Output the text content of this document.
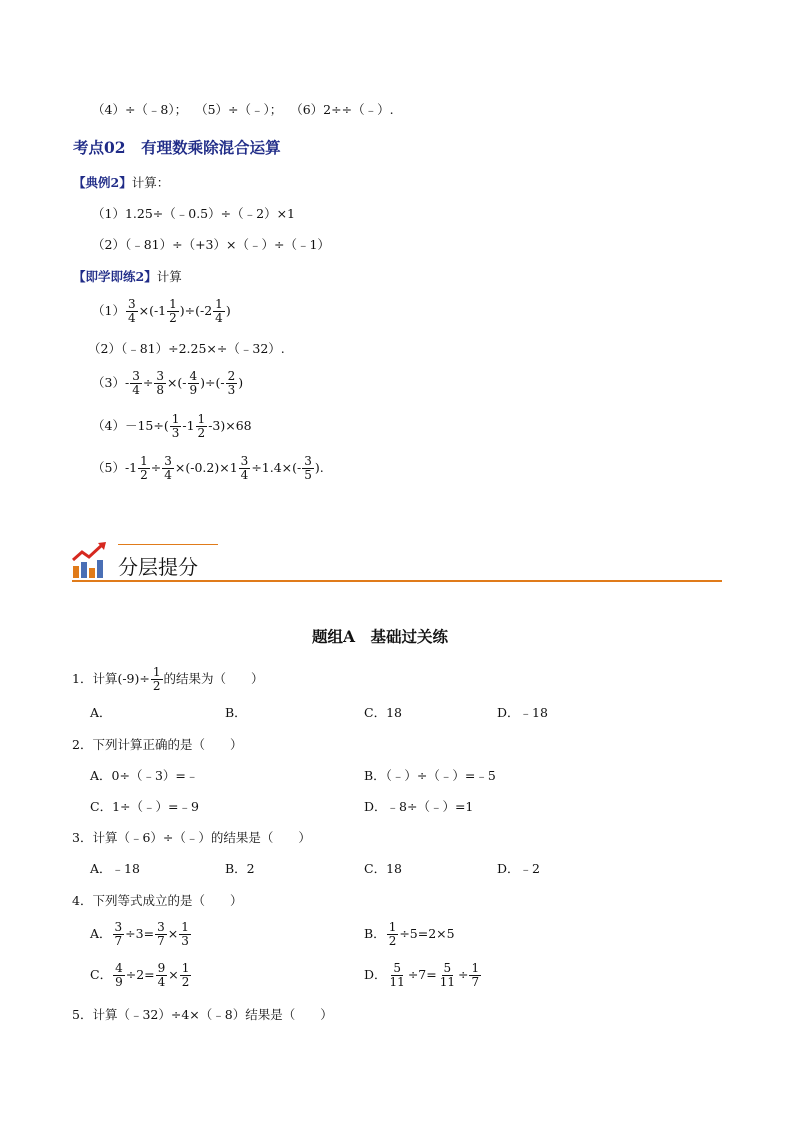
（4）÷（﹣8）； （5）÷（﹣）； （6）2÷÷（﹣）.
考点02　有理数乘除混合运算
【典例2】计算：
（1）1.25÷（﹣0.5）÷（﹣2）×1
（2）（﹣81）÷（+3）×（﹣）÷（﹣1）
【即学即练2】计算
$(1) \frac{3}{4} \times(-1 \frac{1}{2} )\div(-2 \frac{1}{4}$ )
（2）（﹣81）÷2.25×÷（﹣32）.
$(3)- \frac{3}{4} \div \frac{3}{8}$ ×(- $\frac{4}{9}$ )÷(- $\frac{2}{3}$ )
$(4)-15\div( \frac{1}{3} -1 \frac{1}{2} -3)\times 68$
$(5)-1 \frac{1}{2} \div \frac{3}{4} \times(-0.2)\times 1 \frac{3}{4} \div 1.4\times(- \frac{3}{5}$ ).
分层提分
题组A　基础过关练
1．计算$(-9)\div \frac{1}{2}$ 的结果为（　　）
A．	B．	C．18	D．﹣18
2．下列计算正确的是（　　）
A．0÷（﹣3）=﹣	B．（﹣）÷（﹣）=﹣5
C．1÷（﹣）=﹣9	D．﹣8÷（﹣）=1
3．计算（﹣6）÷（﹣）的结果是（　　）
A．﹣18	B．2	C．18	D．﹣2
4．下列等式成立的是（　　）
A． $\frac{3}{7} \div 3= \frac{3}{7} \times \frac{1}{3}$	B． $\frac{1}{2} \div 5=2\times 5$
C． $\frac{4}{9} \div 2= \frac{9}{4} \times \frac{1}{2}$	D． $\frac{5}{11} \div 7= \frac{5}{11} \div \frac{1}{7}$
5．计算（﹣32）÷4×（﹣8）结果是（　　）
